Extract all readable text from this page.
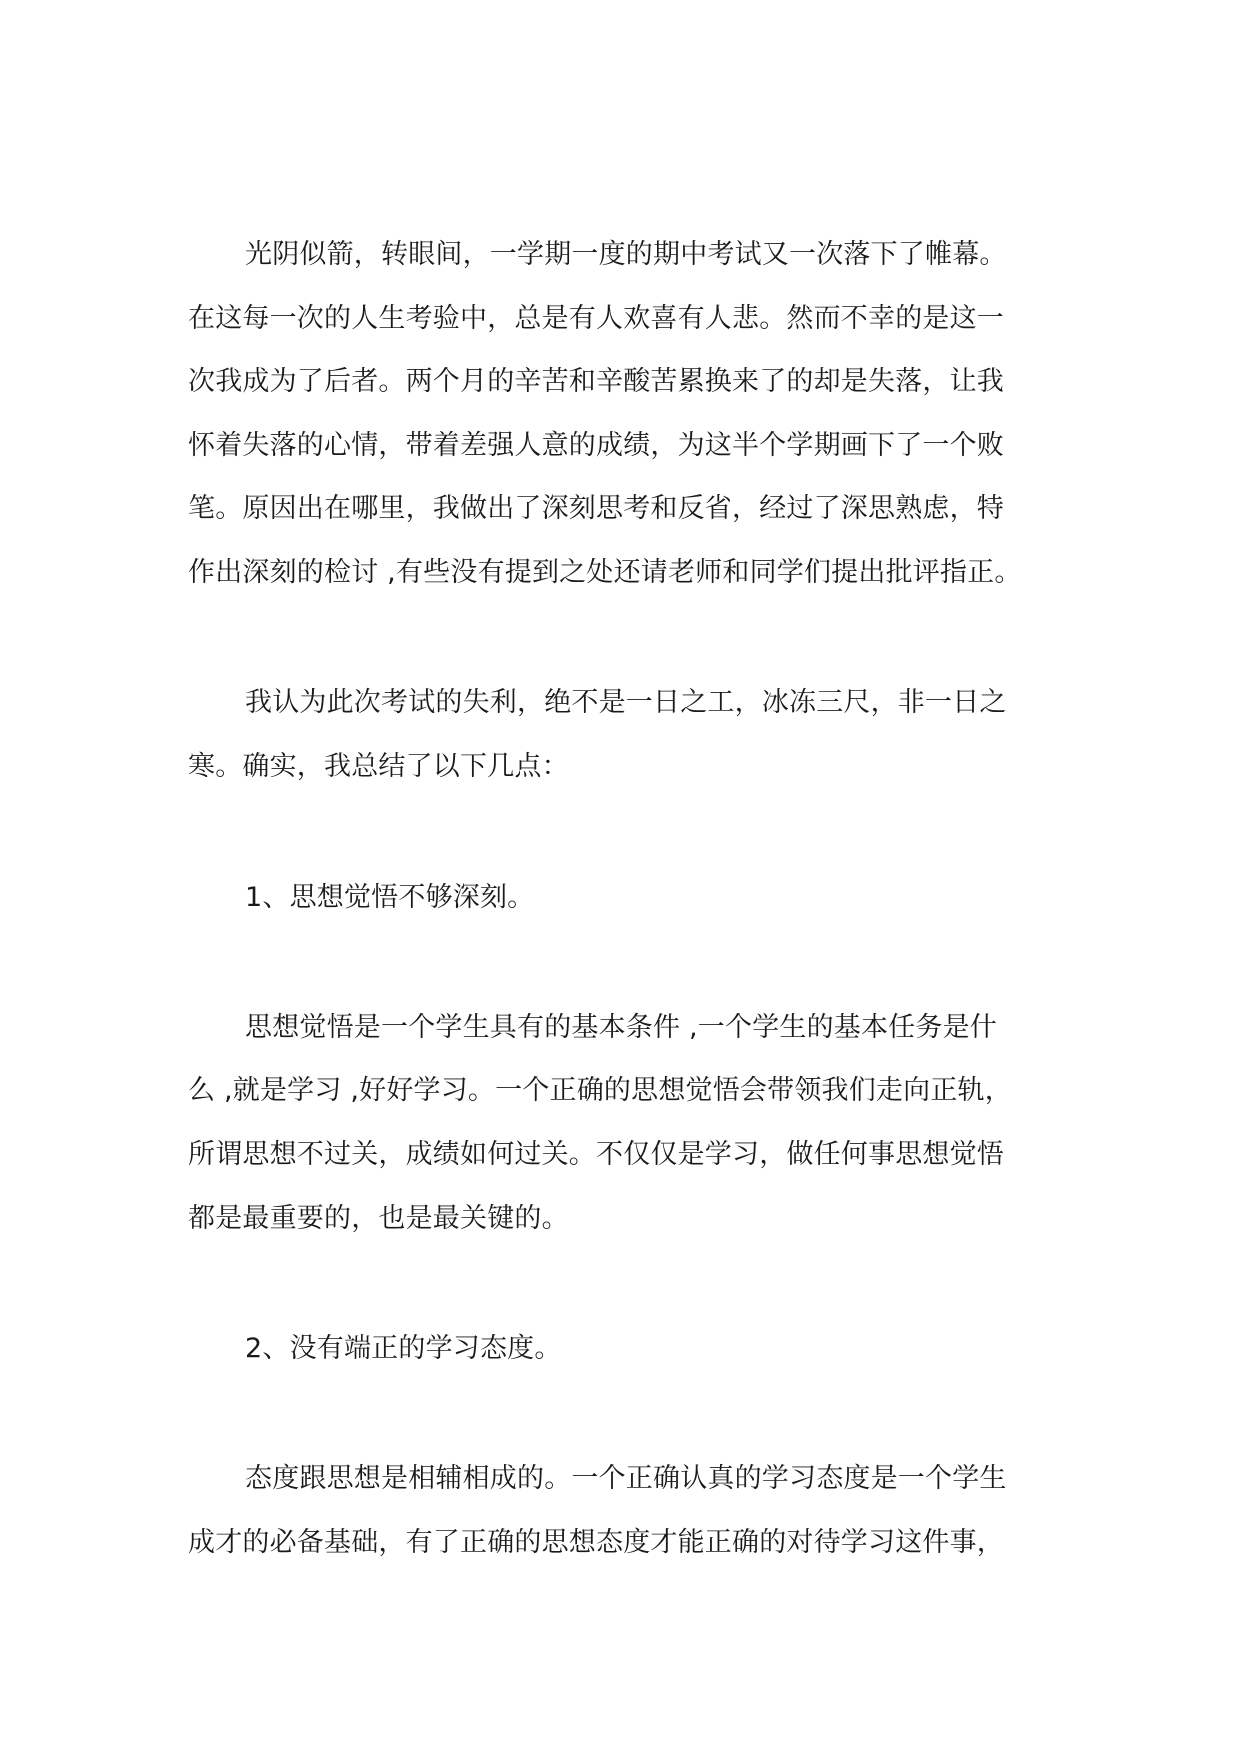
光阴似箭，转眼间，一学期一度的期中考试又一次落下了帷幕。
在这每一次的人生考验中，总是有人欢喜有人悲。然而不幸的是这一
次我成为了后者。两个月的辛苦和辛酸苦累换来了的却是失落，让我
怀着失落的心情，带着差强人意的成绩，为这半个学期画下了一个败
笔。原因出在哪里，我做出了深刻思考和反省，经过了深思熟虑，特
作出深刻的检讨 ,有些没有提到之处还请老师和同学们提出批评指正。
我认为此次考试的失利，绝不是一日之工，冰冻三尺，非一日之
寒。确实，我总结了以下几点：
1、思想觉悟不够深刻。
思想觉悟是一个学生具有的基本条件 ,一个学生的基本任务是什
么 ,就是学习 ,好好学习。一个正确的思想觉悟会带领我们走向正轨，
所谓思想不过关，成绩如何过关。不仅仅是学习，做任何事思想觉悟
都是最重要的，也是最关键的。
2、没有端正的学习态度。
态度跟思想是相辅相成的。一个正确认真的学习态度是一个学生
成才的必备基础，有了正确的思想态度才能正确的对待学习这件事，
